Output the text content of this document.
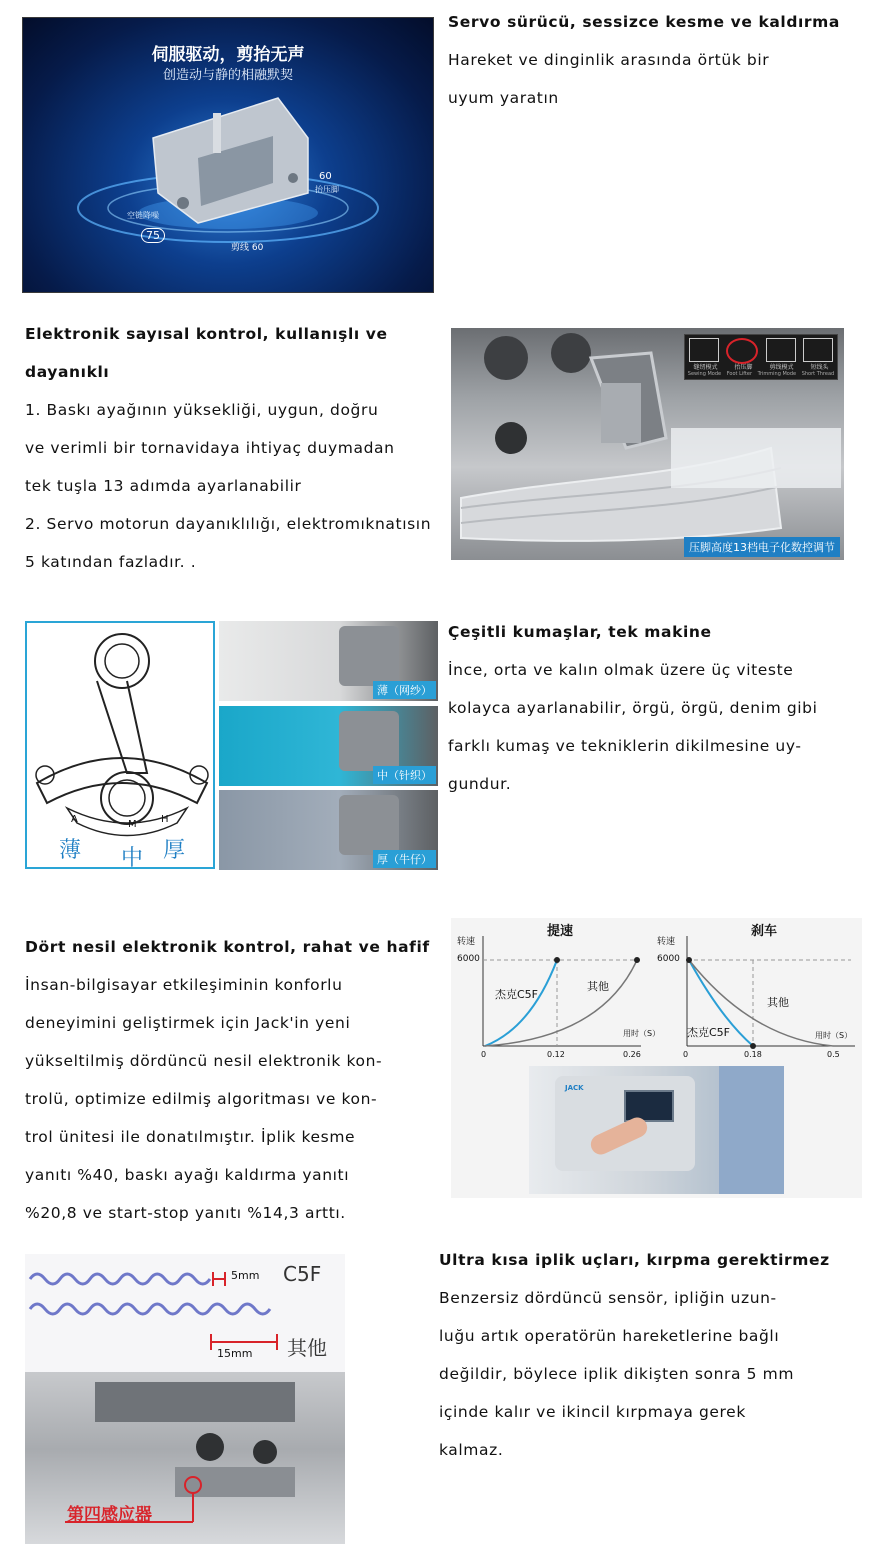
伺服驱动，剪抬无声
创造动与静的相融默契
空链降噪
75
剪线 60
60
抬压脚
Servo sürücü, sessizce kesme ve kaldırma
Hareket ve dinginlik arasında örtük bir
uyum yaratın
Elektronik sayısal kontrol, kullanışlı ve
dayanıklı
1. Baskı ayağının yüksekliği, uygun, doğru
ve verimli bir tornavidaya ihtiyaç duymadan
tek tuşla 13 adımda ayarlanabilir
2. Servo motorun dayanıklılığı, elektromıknatısın
5 katından fazladır. .
缝纫模式	抬压脚	剪线模式	短线头
Sewing Mode Foot Lifter Trimming Mode Short Thread
压脚高度13档电子化数控调节
A	M H
薄 中 厚
薄（网纱）
中（针织）
厚（牛仔）
Çeşitli kumaşlar, tek makine
İnce, orta ve kalın olmak üzere üç viteste
kolayca ayarlanabilir, örgü, örgü, denim gibi
farklı kumaş ve tekniklerin dikilmesine uy-
gundur.
Dört nesil elektronik kontrol, rahat ve hafif
İnsan-bilgisayar etkileşiminin konforlu
deneyimini geliştirmek için Jack'in yeni
yükseltilmiş dördüncü nesil elektronik kon-
trolü, optimize edilmiş algoritması ve kon-
trol ünitesi ile donatılmıştır. İplik kesme
yanıtı %40, baskı ayağı kaldırma yanıtı
%20,8 ve start-stop yanıtı %14,3 arttı.
提速
转速
6000
用时（S）
0	0.12	0.26
杰克C5F
其他
刹车
转速
6000
用时（S）
0	0.18	0.5
杰克C5F
其他
JACK
5mm C5F
15mm 其他
第四感应器
Ultra kısa iplik uçları, kırpma gerektirmez
Benzersiz dördüncü sensör, ipliğin uzun-
luğu artık operatörün hareketlerine bağlı
değildir, böylece iplik dikişten sonra 5 mm
içinde kalır ve ikincil kırpmaya gerek
kalmaz.
